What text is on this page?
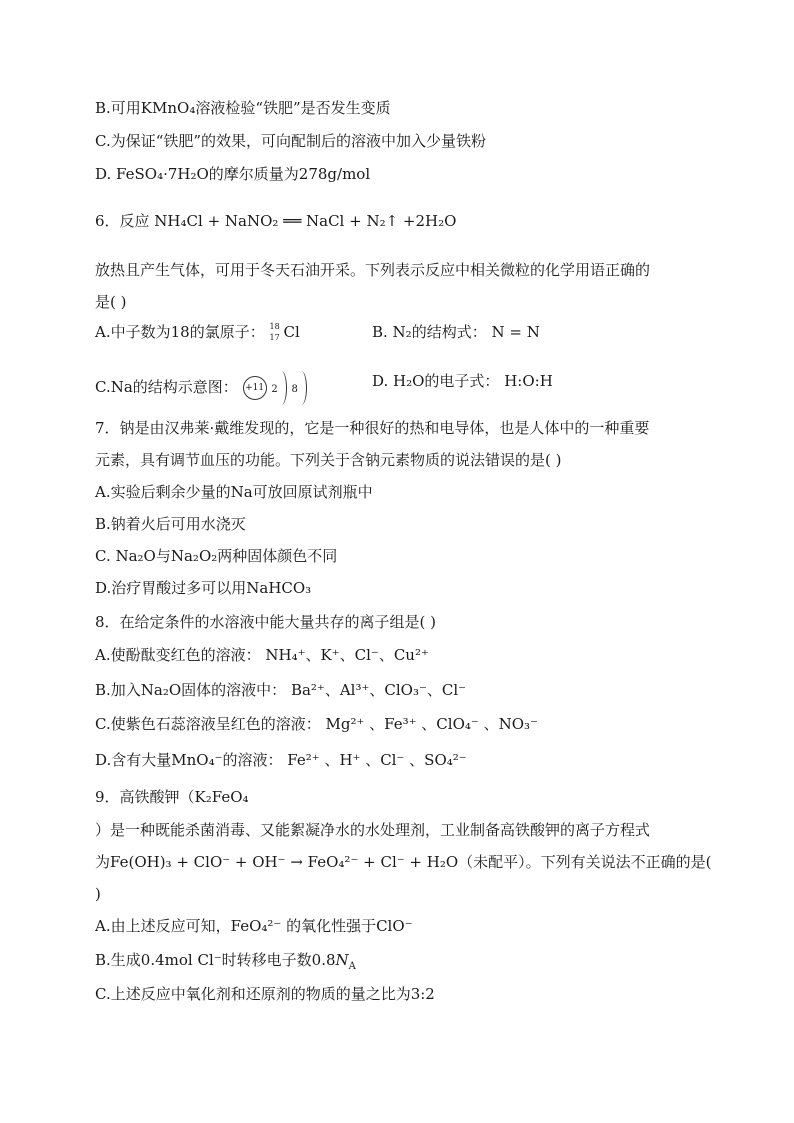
B.可用KMnO₄溶液检验“铁肥”是否发生变质
C.为保证“铁肥”的效果，可向配制后的溶液中加入少量铁粉
D. FeSO₄·7H₂O的摩尔质量为278g/mol
6．反应 NH₄Cl + NaNO₂ ══ NaCl + N₂↑ +2H₂O
放热且产生气体，可用于冬天石油开采。下列表示反应中相关微粒的化学用语正确的
是( )
A.中子数为18的氯原子： 18
17 Cl	B. N₂的结构式： N = N
C.Na的结构示意图： +11 2 8	D. H₂O的电子式： H:O:H
7．钠是由汉弗莱·戴维发现的，它是一种很好的热和电导体，也是人体中的一种重要
元素，具有调节血压的功能。下列关于含钠元素物质的说法错误的是( )
A.实验后剩余少量的Na可放回原试剂瓶中
B.钠着火后可用水浇灭
C. Na₂O与Na₂O₂两种固体颜色不同
D.治疗胃酸过多可以用NaHCO₃
8．在给定条件的水溶液中能大量共存的离子组是( )
A.使酚酞变红色的溶液： NH₄⁺、K⁺、Cl⁻、Cu²⁺
B.加入Na₂O固体的溶液中： Ba²⁺、Al³⁺、ClO₃⁻、Cl⁻
C.使紫色石蕊溶液呈红色的溶液： Mg²⁺ 、Fe³⁺ 、ClO₄⁻ 、NO₃⁻
D.含有大量MnO₄⁻的溶液： Fe²⁺ 、H⁺ 、Cl⁻ 、SO₄²⁻
9．高铁酸钾（K₂FeO₄
）是一种既能杀菌消毒、又能絮凝净水的水处理剂，工业制备高铁酸钾的离子方程式
为Fe(OH)₃ + ClO⁻ + OH⁻ → FeO₄²⁻ + Cl⁻ + H₂O（未配平）。下列有关说法不正确的是(
)
A.由上述反应可知，FeO₄²⁻ 的氧化性强于ClO⁻
B.生成0.4mol Cl⁻时转移电子数$0.8N_A$
C.上述反应中氧化剂和还原剂的物质的量之比为3:2
